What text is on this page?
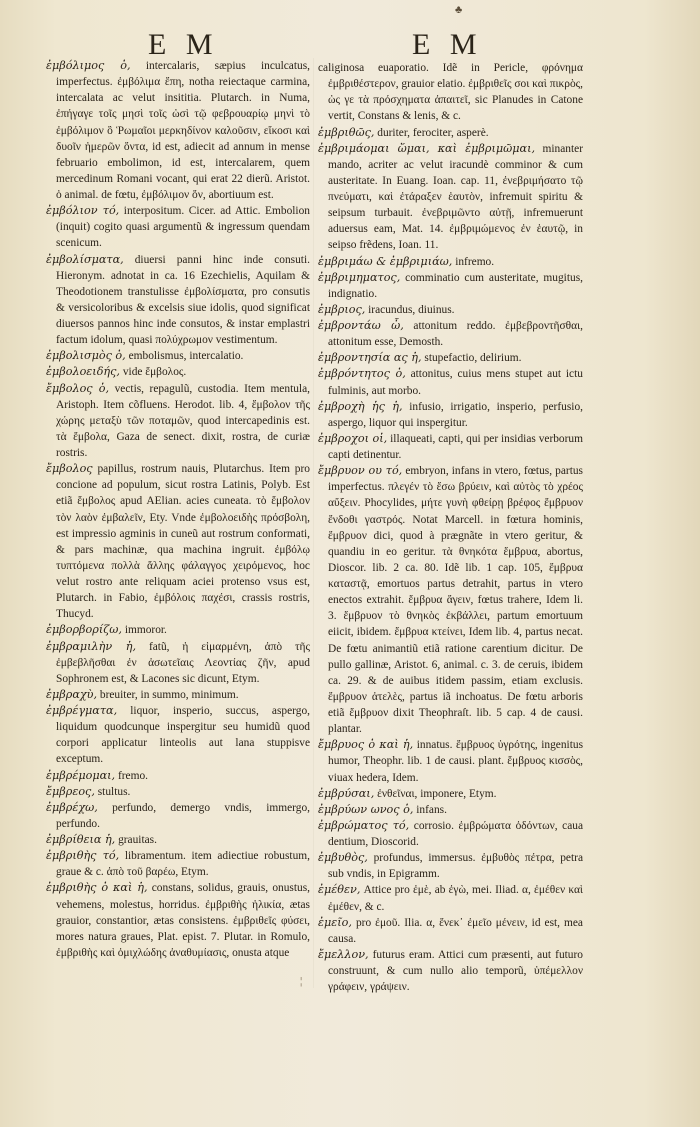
♣
E M	E M
ἐμβόλιμος ὁ, intercalaris, sæpius inculcatus, imperfectus. ἐμβόλιμα ἔπη, notha reiectaque carmina, intercalata ac velut insititia. Plutarch. in Numa, ἐπήγαγε τοῖς μησὶ τοῖς ὠσὶ τῷ φεβρουαρίῳ μηνὶ τὸ ἐμβόλιμον ὃ Ῥωμαῖοι μερκηδίνον καλοῦσιν, εἴκοσι καὶ δυοῖν ἡμερῶν ὄντα, id est, adiecit ad annum in mense februario embolimon, id est, intercalarem, quem mercedinum Romani vocant, qui erat 22 dierũ. Aristot. ὁ animal. de fœtu, ἐμβόλιμον ὄν, abortiuum est.
ἐμβόλιον τό, interpositum. Cicer. ad Attic. Embolion (inquit) cogito quasi argumentũ & ingressum quendam scenicum.
ἐμβολίσματα, diuersi panni hinc inde consuti. Hieronym. adnotat in ca. 16 Ezechielis, Aquilam & Theodotionem transtulisse ἐμβολίσματα, pro consutis & versicoloribus & excelsis siue idolis, quod significat diuersos pannos hinc inde consutos, & instar emplastri factum idolum, quasi πολύχρωμον vestimentum.
ἐμβολισμὸς ὁ, embolismus, intercalatio.
ἐμβολοειδής, vide ἔμβολος.
ἔμβολος ὁ, vectis, repagulũ, custodia. Item mentula, Aristoph. Item cõfluens. Herodot. lib. 4, ἔμβολον τῆς χώρης μεταξὺ τῶν ποταμῶν, quod intercapedinis est. τὰ ἔμβολα, Gaza de senect. dixit, rostra, de curiæ rostris.
ἔμβολος papillus, rostrum nauis, Plutarchus. Item pro concione ad populum, sicut rostra Latinis, Polyb. Est etiã ἔμβολος apud AElian. acies cuneata. τὸ ἔμβολον τὸν λαὸν ἐμβαλεῖν, Ety. Vnde ἐμβολοειδὴς πρόσβολη, est impressio agminis in cuneũ aut rostrum conformati, & pars machinæ, qua machina ingruit. ἐμβόλῳ τυπτόμενα πολλὰ ἄλλης φάλαγγος χειρόμενος, hoc velut rostro ante reliquam aciei protenso vsus est, Plutarch. in Fabio, ἐμβόλοις παχέσι, crassis rostris, Thucyd.
ἐμβορβορίζω, immoror.
ἐμβραμιλὴν ἡ, fatũ, ἡ εἱμαρμένη, ἀπὸ τῆς ἐμβεβλῆσθαι ἐν ἀσωτεῖαις Λεοντίας ζῆν, apud Sophronem est, & Lacones sic dicunt, Etym.
ἐμβραχὺ, breuiter, in summo, minimum.
ἐμβρέγματα, liquor, insperio, succus, aspergo, liquidum quodcunque inspergitur seu humidũ quod corpori applicatur linteolis aut lana stuppisve exceptum.
ἐμβρέμομαι, fremo.
ἔμβρεος, stultus.
ἐμβρέχω, perfundo, demergo vndis, immergo, perfundo.
ἐμβρίθεια ἡ, grauitas.
ἐμβριθὴς τό, libramentum. item adiectiue robustum, graue & c. ἀπὸ τοῦ βαρέω, Etym.
ἐμβριθὴς ὁ καὶ ἡ, constans, solidus, grauis, onustus, vehemens, molestus, horridus. ἐμβριθὴς ἡλικία, ætas grauior, constantior, ætas consistens. ἐμβριθεῖς φύσει, mores natura graues, Plat. epist. 7. Plutar. in Romulo, ἐμβριθὴς καὶ ὀμιχλώδης ἀναθυμίασις, onusta atque
caliginosa euaporatio. Idẽ in Pericle, φρόνημα ἐμβριθέστερον, grauior elatio. ἐμβριθεῖς σοι καὶ πικρὸς, ὡς γε τὰ πρόσχηματα ἀπαιτεῖ, sic Planudes in Catone vertit, Constans & lenis, & c.
ἐμβριθῶς, duriter, ferociter, asperè.
ἐμβριμάομαι ὥμαι, καὶ ἐμβριμῶμαι, minanter mando, acriter ac velut iracundè comminor & cum austeritate. In Euang. Ioan. cap. 11, ἐνεβριμήσατο τῷ πνεύματι, καὶ ἐτάραξεν ἑαυτὸν, infremuit spiritu & seipsum turbauit. ἐνεβριμῶντο αὐτῇ, infremuerunt aduersus eam, Mat. 14. ἐμβριμώμενος ἐν ἑαυτῷ, in seipso frẽdens, Ioan. 11.
ἐμβριμάω & ἐμβριμιάω, infremo.
ἐμβριμηματος, comminatio cum austeritate, mugitus, indignatio.
ἐμβριος, iracundus, diuinus.
ἐμβροντάω ὦ, attonitum reddo. ἐμβεβροντῆσθαι, attonitum esse, Demosth.
ἐμβροντησία ας ἡ, stupefactio, delirium.
ἐμβρόντητος ὁ, attonitus, cuius mens stupet aut ictu fulminis, aut morbo.
ἐμβροχὴ ἡς ἡ, infusio, irrigatio, insperio, perfusio, aspergo, liquor qui inspergitur.
ἐμβροχοι οἱ, illaqueati, capti, qui per insidias verborum capti detinentur.
ἔμβρυον ου τό, embryon, infans in vtero, fœtus, partus imperfectus. πλεγέν τὸ ἔσω βρύειν, καὶ αὐτὸς τὸ χρέος αὔξειν. Phocylides, μήτε γυνὴ φθείρῃ βρέφος ἔμβρυον ἔνδοθι γαστρός. Notat Marcell. in fœtura hominis, ἔμβρυον dici, quod à prægnãte in vtero geritur, & quandiu in eo geritur. τὰ θνηκότα ἔμβρυα, abortus, Dioscor. lib. 2 ca. 80. Idẽ lib. 1 cap. 105, ἔμβρυα καταστᾷ, emortuos partus detrahit, partus in vtero enectos extrahit. ἔμβρυα ἄγειν, fœtus trahere, Idem li. 3. ἔμβρυον τὸ θνηκὸς ἐκβάλλει, partum emortuum eiicit, ibidem. ἔμβρυα κτείνει, Idem lib. 4, partus necat. De fœtu animantiũ etiã ratione carentium dicitur. De pullo gallinæ, Aristot. 6, animal. c. 3. de ceruis, ibidem ca. 29. & de auibus itidem passim, etiam exclusis. ἔμβρυον ἀτελὲς, partus iã inchoatus. De fœtu arboris etiã ἔμβρυον dixit Theophraſt. lib. 5 cap. 4 de causi. plantar.
ἔμβρυος ὁ καὶ ἡ, innatus. ἔμβρυος ὑγρότης, ingenitus humor, Theophr. lib. 1 de causi. plant. ἔμβρυος κισσὸς, viuax hedera, Idem.
ἐμβρύσαι, ἐνθεῖναι, imponere, Etym.
ἐμβρύων ωνος ὁ, infans.
ἐμβρώματος τό, corrosio. ἐμβρώματα ὀδόντων, caua dentium, Dioscorid.
ἐμβυθὸς, profundus, immersus. ἐμβυθὸς πέτρα, petra sub vndis, in Epigramm.
ἐμέθεν, Attice pro ἐμὲ, ab ἐγὼ, mei. Iliad. α, ἐμέθεν καὶ ἐμέθεν, & c.
ἐμεῖο, pro ἐμοῦ. Ilia. α, ἕνεκ᾿ ἐμεῖο μένειν, id est, mea causa.
ἔμελλον, futurus eram. Attici cum præsenti, aut futuro construunt, & cum nullo alio temporũ, ὑπέμελλον γράφειν, γράψειν.
¦
